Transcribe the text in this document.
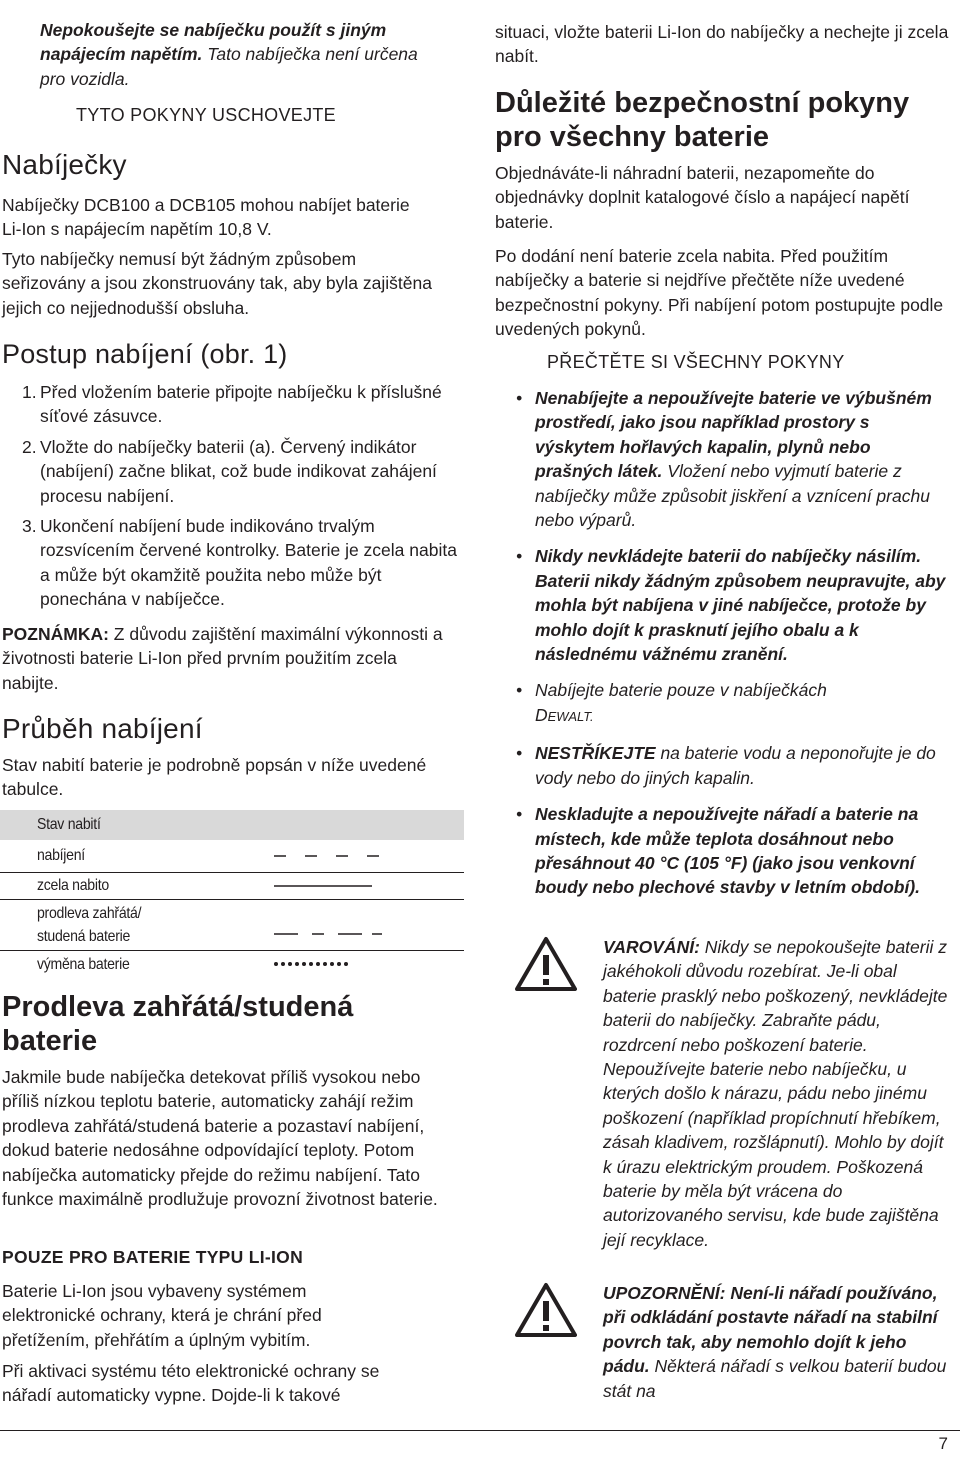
Nepokoušejte se nabíječku použít s jiným napájecím napětím. Tato nabíječka není určena pro vozidla.

TYTO POKYNY USCHOVEJTE

Nabíječky

Nabíječky DCB100 a DCB105 mohou nabíjet baterie Li-Ion s napájecím napětím 10,8 V.

Tyto nabíječky nemusí být žádným způsobem seřizovány a jsou zkonstruovány tak, aby byla zajištěna jejich co nejjednodušší obsluha.

Postup nabíjení (obr. 1)
1. Před vložením baterie připojte nabíječku k příslušné síťové zásuvce.
2. Vložte do nabíječky baterii (a). Červený indikátor (nabíjení) začne blikat, což bude indikovat zahájení procesu nabíjení.
3. Ukončení nabíjení bude indikováno trvalým rozsvícením červené kontrolky. Baterie je zcela nabita a může být okamžitě použita nebo může být ponechána v nabíječce.

POZNÁMKA: Z důvodu zajištění maximální výkonnosti a životnosti baterie Li-Ion před prvním použitím zcela nabijte.

Průběh nabíjení

Stav nabití baterie je podrobně popsán v níže uvedené tabulce.

Stav nabití
nabíjení
zcela nabito
prodleva zahřátá/
studená baterie
výměna baterie
Prodleva zahřátá/studená baterie

Jakmile bude nabíječka detekovat příliš vysokou nebo příliš nízkou teplotu baterie, automaticky zahájí režim prodleva zahřátá/studená baterie a pozastaví nabíjení, dokud baterie nedosáhne odpovídající teploty. Potom nabíječka automaticky přejde do režimu nabíjení. Tato funkce maximálně prodlužuje provozní životnost baterie.

POUZE PRO BATERIE TYPU LI-ION

Baterie Li-Ion jsou vybaveny systémem elektronické ochrany, která je chrání před přetížením, přehřátím a úplným vybitím.

Při aktivaci systému této elektronické ochrany se nářadí automaticky vypne. Dojde-li k takové

situaci, vložte baterii Li-Ion do nabíječky a nechejte ji zcela nabít.

Důležité bezpečnostní pokyny pro všechny baterie

Objednáváte-li náhradní baterii, nezapomeňte do objednávky doplnit katalogové číslo a napájecí napětí baterie.

Po dodání není baterie zcela nabita. Před použitím nabíječky a baterie si nejdříve přečtěte níže uvedené bezpečnostní pokyny. Při nabíjení potom postupujte podle uvedených pokynů.

PŘEČTĚTE SI VŠECHNY POKYNY

• Nenabíjejte a nepoužívejte baterie ve výbušném prostředí, jako jsou například prostory s výskytem hořlavých kapalin, plynů nebo prašných látek. Vložení nebo vyjmutí baterie z nabíječky může způsobit jiskření a vznícení prachu nebo výparů.
• Nikdy nevkládejte baterii do nabíječky násilím. Baterii nikdy žádným způsobem neupravujte, aby mohla být nabíjena v jiné nabíječce, protože by mohlo dojít k prasknutí jejího obalu a k následnému vážnému zranění.
• Nabíjejte baterie pouze v nabíječkách
DEWALT.
• NESTŘÍKEJTE na baterie vodu a neponořujte je do vody nebo do jiných kapalin.
• Neskladujte a nepoužívejte nářadí a baterie na místech, kde může teplota dosáhnout nebo přesáhnout 40 °C (105 °F) (jako jsou venkovní boudy nebo plechové stavby v letním období).

VAROVÁNÍ: Nikdy se nepokoušejte baterii z jakéhokoli důvodu rozebírat. Je-li obal baterie prasklý nebo poškozený, nevkládejte baterii do nabíječky. Zabraňte pádu, rozdrcení nebo poškození baterie. Nepoužívejte baterie nebo nabíječku, u kterých došlo k nárazu, pádu nebo jinému poškození (například propíchnutí hřebíkem, zásah kladivem, rozšlápnutí). Mohlo by dojít k úrazu elektrickým proudem. Poškozená baterie by měla být vrácena do autorizovaného servisu, kde bude zajištěna její recyklace.

UPOZORNĚNÍ: Není-li nářadí používáno, při odkládání postavte nářadí na stabilní povrch tak, aby nemohlo dojít k jeho pádu. Některá nářadí s velkou baterií budou stát na

7
